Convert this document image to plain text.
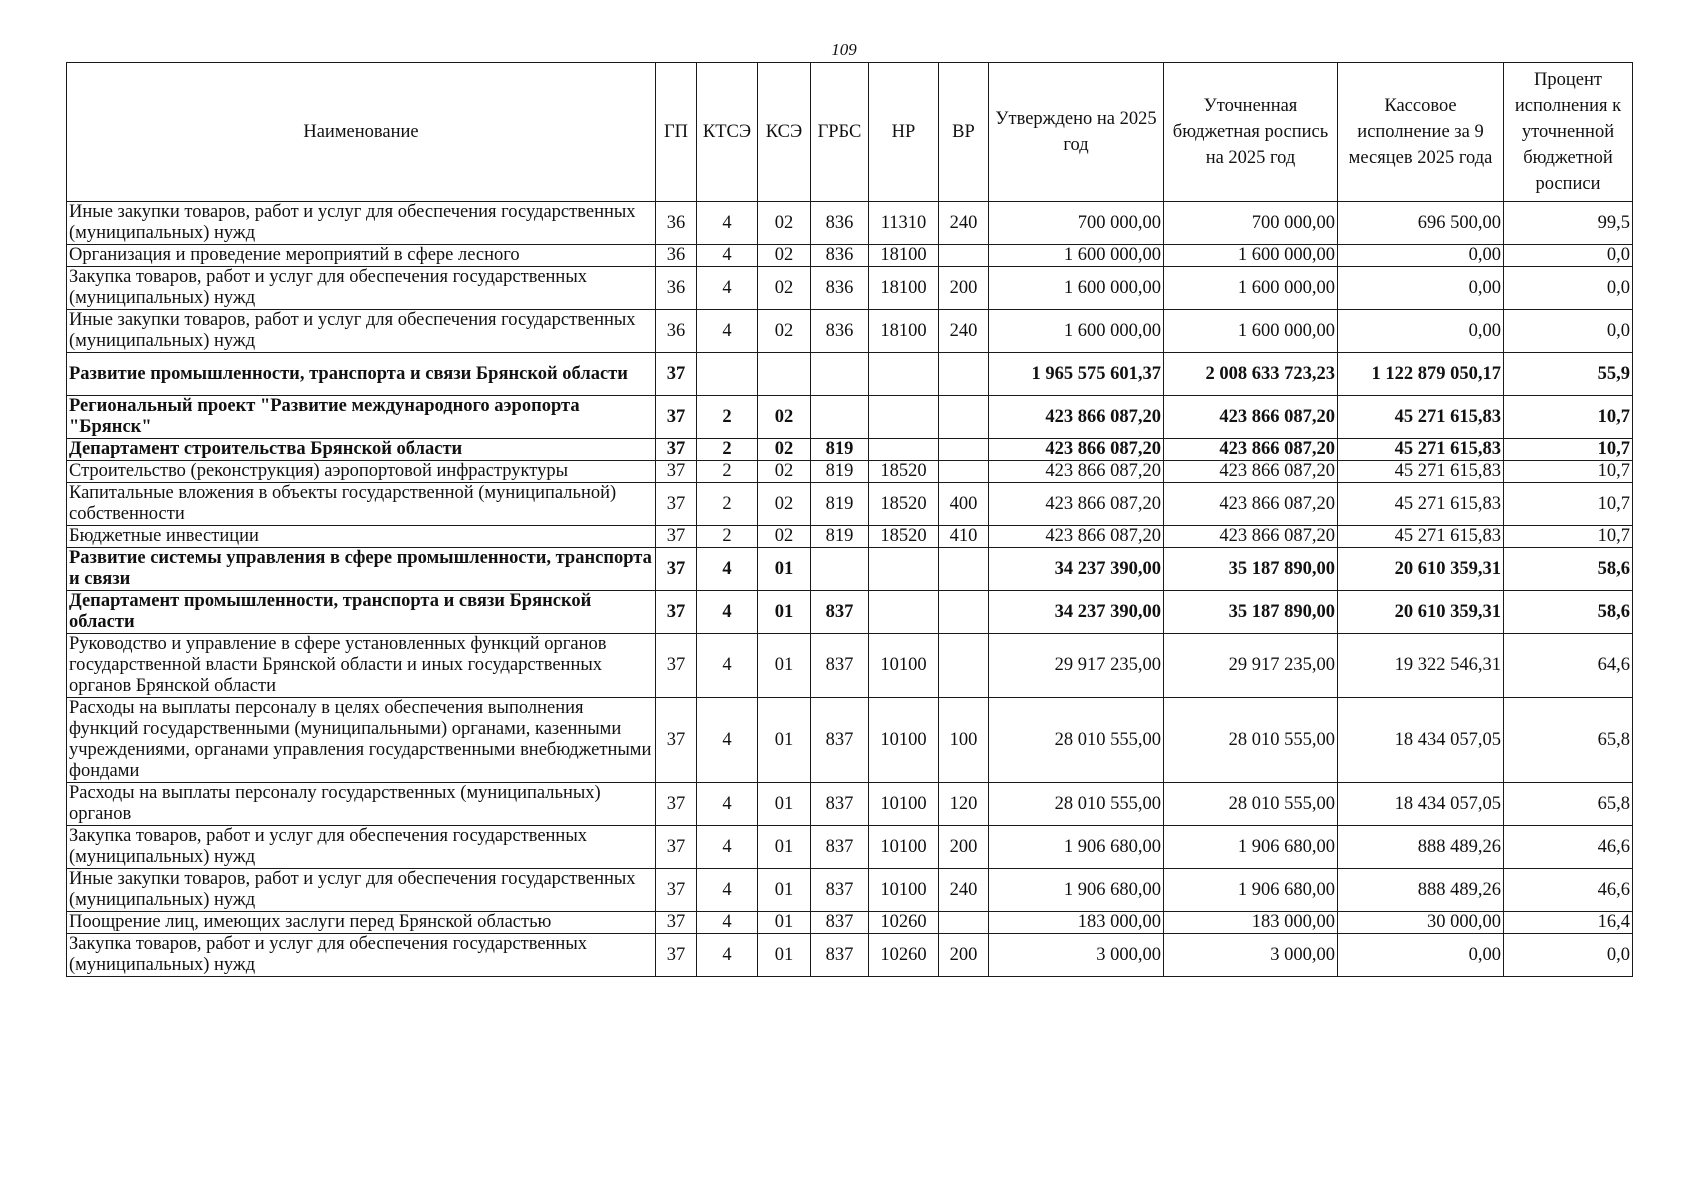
109
Наименование	ГП	КТСЭ	КСЭ	ГРБС	НР	ВР	Утверждено на 2025 год	Уточненная бюджетная роспись на 2025 год	Кассовое исполнение за 9 месяцев 2025 года	Процент исполнения к уточненной бюджетной росписи
Иные закупки товаров, работ и услуг для обеспечения государственных (муниципальных) нужд	36	4	02	836	11310	240	700 000,00	700 000,00	696 500,00	99,5
Организация и проведение мероприятий в сфере лесного	36	4	02	836	18100		1 600 000,00	1 600 000,00	0,00	0,0
Закупка товаров, работ и услуг для обеспечения государственных (муниципальных) нужд	36	4	02	836	18100	200	1 600 000,00	1 600 000,00	0,00	0,0
Иные закупки товаров, работ и услуг для обеспечения государственных (муниципальных) нужд	36	4	02	836	18100	240	1 600 000,00	1 600 000,00	0,00	0,0
Развитие промышленности, транспорта и связи Брянской области	37						1 965 575 601,37	2 008 633 723,23	1 122 879 050,17	55,9
Региональный проект "Развитие международного аэропорта "Брянск"	37	2	02				423 866 087,20	423 866 087,20	45 271 615,83	10,7
Департамент строительства Брянской области	37	2	02	819			423 866 087,20	423 866 087,20	45 271 615,83	10,7
Строительство (реконструкция) аэропортовой инфраструктуры	37	2	02	819	18520		423 866 087,20	423 866 087,20	45 271 615,83	10,7
Капитальные вложения в объекты государственной (муниципальной) собственности	37	2	02	819	18520	400	423 866 087,20	423 866 087,20	45 271 615,83	10,7
Бюджетные инвестиции	37	2	02	819	18520	410	423 866 087,20	423 866 087,20	45 271 615,83	10,7
Развитие системы управления в сфере промышленности, транспорта и связи	37	4	01				34 237 390,00	35 187 890,00	20 610 359,31	58,6
Департамент промышленности, транспорта и связи Брянской области	37	4	01	837			34 237 390,00	35 187 890,00	20 610 359,31	58,6
Руководство и управление в сфере установленных функций органов государственной власти Брянской области и иных государственных органов Брянской области	37	4	01	837	10100		29 917 235,00	29 917 235,00	19 322 546,31	64,6
Расходы на выплаты персоналу в целях обеспечения выполнения функций государственными (муниципальными) органами, казенными учреждениями, органами управления государственными внебюджетными фондами	37	4	01	837	10100	100	28 010 555,00	28 010 555,00	18 434 057,05	65,8
Расходы на выплаты персоналу государственных (муниципальных) органов	37	4	01	837	10100	120	28 010 555,00	28 010 555,00	18 434 057,05	65,8
Закупка товаров, работ и услуг для обеспечения государственных (муниципальных) нужд	37	4	01	837	10100	200	1 906 680,00	1 906 680,00	888 489,26	46,6
Иные закупки товаров, работ и услуг для обеспечения государственных (муниципальных) нужд	37	4	01	837	10100	240	1 906 680,00	1 906 680,00	888 489,26	46,6
Поощрение лиц, имеющих заслуги перед Брянской областью	37	4	01	837	10260		183 000,00	183 000,00	30 000,00	16,4
Закупка товаров, работ и услуг для обеспечения государственных (муниципальных) нужд	37	4	01	837	10260	200	3 000,00	3 000,00	0,00	0,0
